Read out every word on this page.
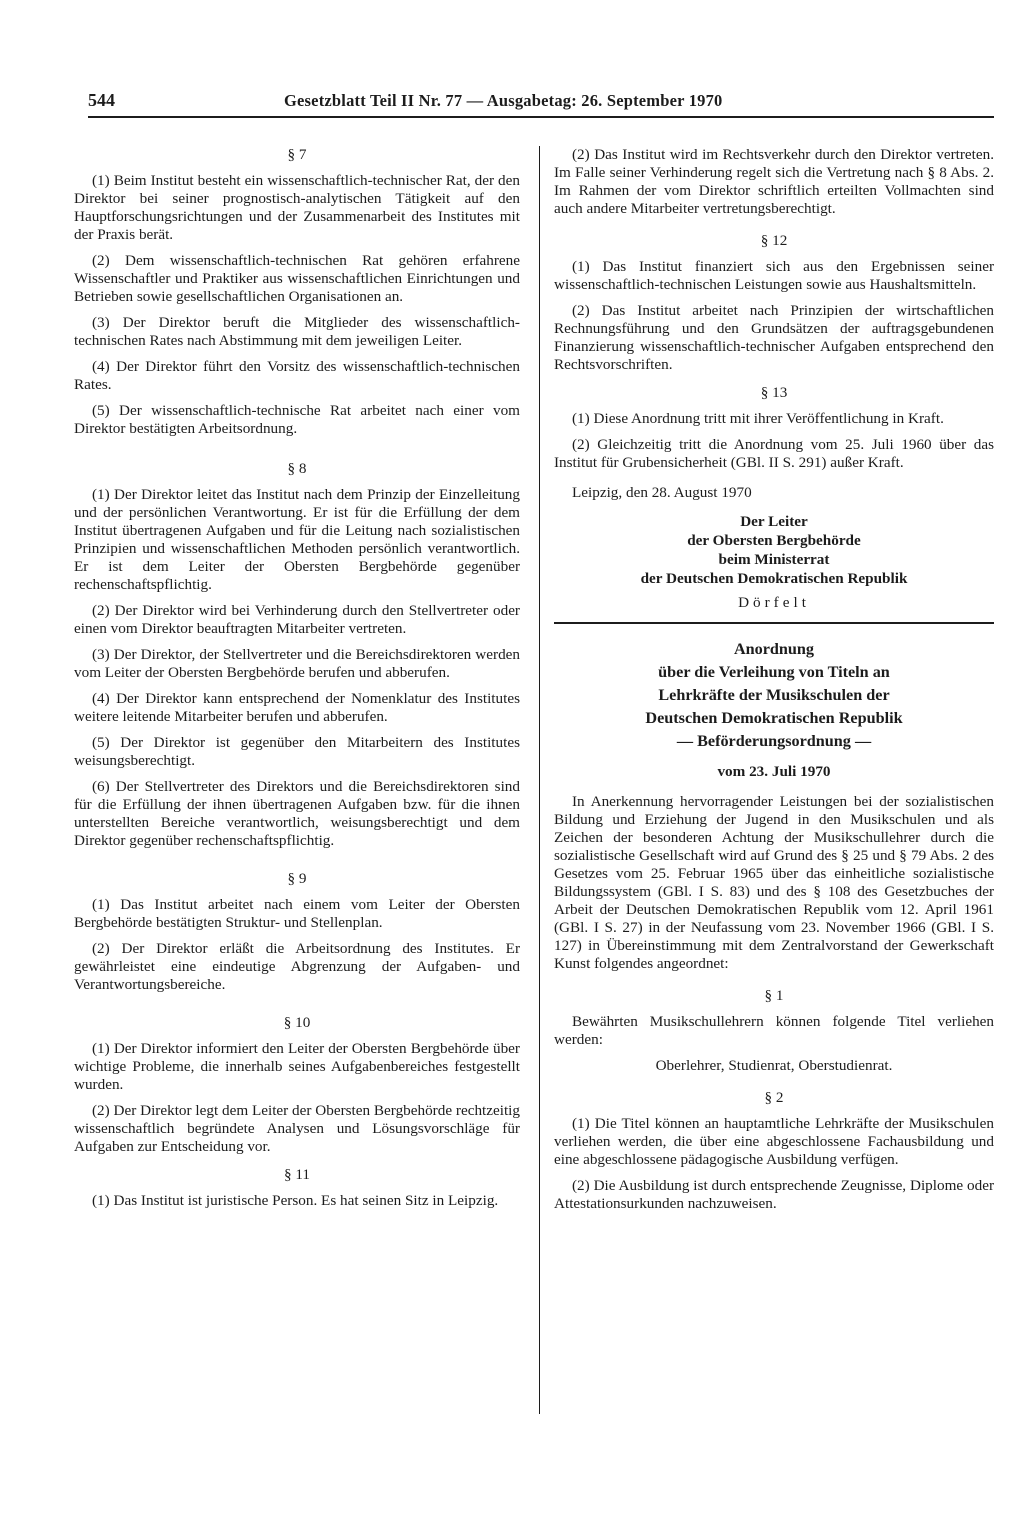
544	Gesetzblatt Teil II Nr. 77 — Ausgabetag: 26. September 1970
§ 7

(1) Beim Institut besteht ein wissenschaftlich-technischer Rat, der den Direktor bei seiner prognostisch-analytischen Tätigkeit auf den Hauptforschungsrichtungen und der Zusammenarbeit des Institutes mit der Praxis berät.

(2) Dem wissenschaftlich-technischen Rat gehören erfahrene Wissenschaftler und Praktiker aus wissenschaftlichen Einrichtungen und Betrieben sowie gesellschaftlichen Organisationen an.

(3) Der Direktor beruft die Mitglieder des wissenschaftlich-technischen Rates nach Abstimmung mit dem jeweiligen Leiter.

(4) Der Direktor führt den Vorsitz des wissenschaftlich-technischen Rates.

(5) Der wissenschaftlich-technische Rat arbeitet nach einer vom Direktor bestätigten Arbeitsordnung.

§ 8

(1) Der Direktor leitet das Institut nach dem Prinzip der Einzelleitung und der persönlichen Verantwortung. Er ist für die Erfüllung der dem Institut übertragenen Aufgaben und für die Leitung nach sozialistischen Prinzipien und wissenschaftlichen Methoden persönlich verantwortlich. Er ist dem Leiter der Obersten Bergbehörde gegenüber rechenschaftspflichtig.

(2) Der Direktor wird bei Verhinderung durch den Stellvertreter oder einen vom Direktor beauftragten Mitarbeiter vertreten.

(3) Der Direktor, der Stellvertreter und die Bereichsdirektoren werden vom Leiter der Obersten Bergbehörde berufen und abberufen.

(4) Der Direktor kann entsprechend der Nomenklatur des Institutes weitere leitende Mitarbeiter berufen und abberufen.

(5) Der Direktor ist gegenüber den Mitarbeitern des Institutes weisungsberechtigt.

(6) Der Stellvertreter des Direktors und die Bereichsdirektoren sind für die Erfüllung der ihnen übertragenen Aufgaben bzw. für die ihnen unterstellten Bereiche verantwortlich, weisungsberechtigt und dem Direktor gegenüber rechenschaftspflichtig.

§ 9

(1) Das Institut arbeitet nach einem vom Leiter der Obersten Bergbehörde bestätigten Struktur- und Stellenplan.

(2) Der Direktor erläßt die Arbeitsordnung des Institutes. Er gewährleistet eine eindeutige Abgrenzung der Aufgaben- und Verantwortungsbereiche.

§ 10

(1) Der Direktor informiert den Leiter der Obersten Bergbehörde über wichtige Probleme, die innerhalb seines Aufgabenbereiches festgestellt wurden.

(2) Der Direktor legt dem Leiter der Obersten Bergbehörde rechtzeitig wissenschaftlich begründete Analysen und Lösungsvorschläge für Aufgaben zur Entscheidung vor.

§ 11

(1) Das Institut ist juristische Person. Es hat seinen Sitz in Leipzig.

(2) Das Institut wird im Rechtsverkehr durch den Direktor vertreten. Im Falle seiner Verhinderung regelt sich die Vertretung nach § 8 Abs. 2. Im Rahmen der vom Direktor schriftlich erteilten Vollmachten sind auch andere Mitarbeiter vertretungsberechtigt.

§ 12

(1) Das Institut finanziert sich aus den Ergebnissen seiner wissenschaftlich-technischen Leistungen sowie aus Haushaltsmitteln.

(2) Das Institut arbeitet nach Prinzipien der wirtschaftlichen Rechnungsführung und den Grundsätzen der auftragsgebundenen Finanzierung wissenschaftlich-technischer Aufgaben entsprechend den Rechtsvorschriften.

§ 13

(1) Diese Anordnung tritt mit ihrer Veröffentlichung in Kraft.

(2) Gleichzeitig tritt die Anordnung vom 25. Juli 1960 über das Institut für Grubensicherheit (GBl. II S. 291) außer Kraft.

Leipzig, den 28. August 1970

Der Leiter
der Obersten Bergbehörde
beim Ministerrat
der Deutschen Demokratischen Republik
Dörfelt
Anordnung
über die Verleihung von Titeln an
Lehrkräfte der Musikschulen der
Deutschen Demokratischen Republik
— Beförderungsordnung —
vom 23. Juli 1970

In Anerkennung hervorragender Leistungen bei der sozialistischen Bildung und Erziehung der Jugend in den Musikschulen und als Zeichen der besonderen Achtung der Musikschullehrer durch die sozialistische Gesellschaft wird auf Grund des § 25 und § 79 Abs. 2 des Gesetzes vom 25. Februar 1965 über das einheitliche sozialistische Bildungssystem (GBl. I S. 83) und des § 108 des Gesetzbuches der Arbeit der Deutschen Demokratischen Republik vom 12. April 1961 (GBl. I S. 27) in der Neufassung vom 23. November 1966 (GBl. I S. 127) in Übereinstimmung mit dem Zentralvorstand der Gewerkschaft Kunst folgendes angeordnet:

§ 1

Bewährten Musikschullehrern können folgende Titel verliehen werden:

Oberlehrer, Studienrat, Oberstudienrat.
§ 2

(1) Die Titel können an hauptamtliche Lehrkräfte der Musikschulen verliehen werden, die über eine abgeschlossene Fachausbildung und eine abgeschlossene pädagogische Ausbildung verfügen.

(2) Die Ausbildung ist durch entsprechende Zeugnisse, Diplome oder Attestationsurkunden nachzuweisen.
